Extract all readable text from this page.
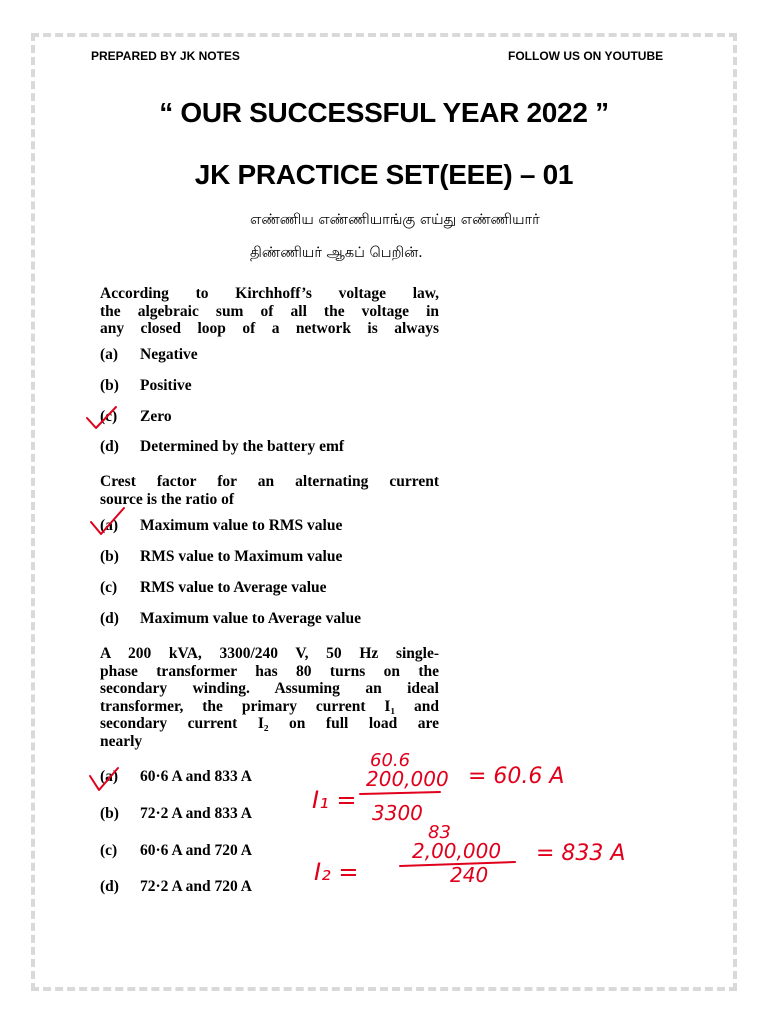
PREPARED BY JK NOTES	FOLLOW US ON YOUTUBE
“ OUR SUCCESSFUL YEAR 2022 ”
JK PRACTICE SET(EEE) – 01
எண்ணிய எண்ணியாங்கு எய்து எண்ணியார்
திண்ணியர் ஆகப் பெறின்.
According to Kirchhoff’s voltage law,
the algebraic sum of all the voltage in
any closed loop of a network is always
(a) Negative
(b) Positive
(c) Zero
(d) Determined by the battery emf
Crest factor for an alternating current
source is the ratio of
(a) Maximum value to RMS value
(b) RMS value to Maximum value
(c) RMS value to Average value
(d) Maximum value to Average value
A 200 kVA, 3300/240 V, 50 Hz single-
phase transformer has 80 turns on the
secondary winding. Assuming an ideal
transformer, the primary current I₁ and
secondary current I₂ on full load are
nearly
(a) 60·6 A and 833 A
(b) 72·2 A and 833 A
(c) 60·6 A and 720 A
(d) 72·2 A and 720 A
I₁ =
60.6
200,000
3300
= 60.6 A
I₂ =
83
2,00,000
240
= 833 A
